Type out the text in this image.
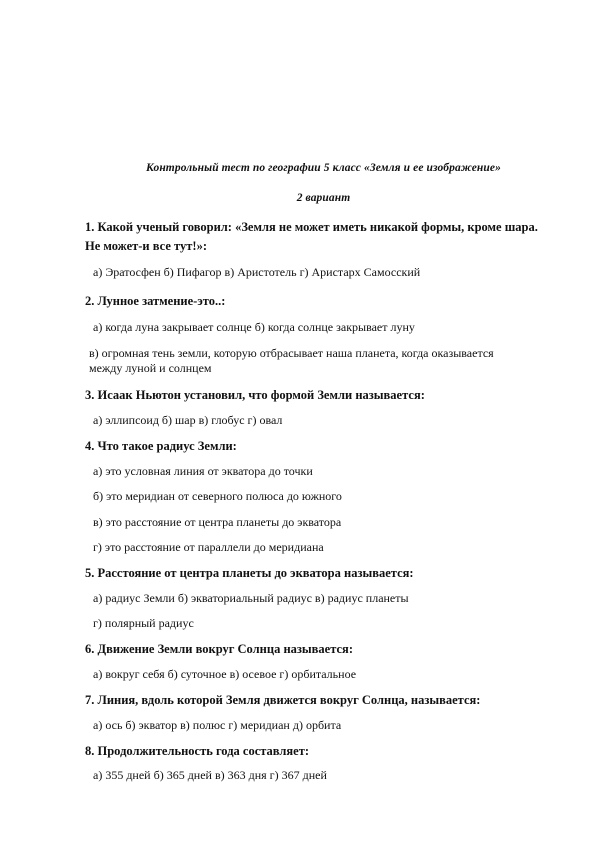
Контрольный тест по географии 5 класс «Земля и ее изображение»
2 вариант
1. Какой ученый говорил: «Земля не может иметь никакой формы, кроме шара. Не может-и все тут!»:
а) Эратосфен б) Пифагор в) Аристотель г) Аристарх Самосский
2. Лунное затмение-это..:
а) когда луна закрывает солнце б) когда солнце закрывает луну
в) огромная тень земли, которую отбрасывает наша планета, когда оказывается между луной и солнцем
3. Исаак Ньютон установил, что формой Земли называется:
а) эллипсоид б) шар в) глобус г) овал
4. Что такое радиус Земли:
а) это условная линия от экватора до точки
б) это меридиан от северного полюса до южного
в) это расстояние от центра планеты до экватора
г) это расстояние от параллели до меридиана
5. Расстояние от центра планеты до экватора называется:
а) радиус Земли б) экваториальный радиус в) радиус планеты
г) полярный радиус
6. Движение Земли вокруг Солнца называется:
а) вокруг себя б) суточное в) осевое г) орбитальное
7. Линия, вдоль которой Земля движется вокруг Солнца, называется:
а) ось б) экватор в) полюс г) меридиан д) орбита
8. Продолжительность года составляет:
а) 355 дней б) 365 дней в) 363 дня г) 367 дней
